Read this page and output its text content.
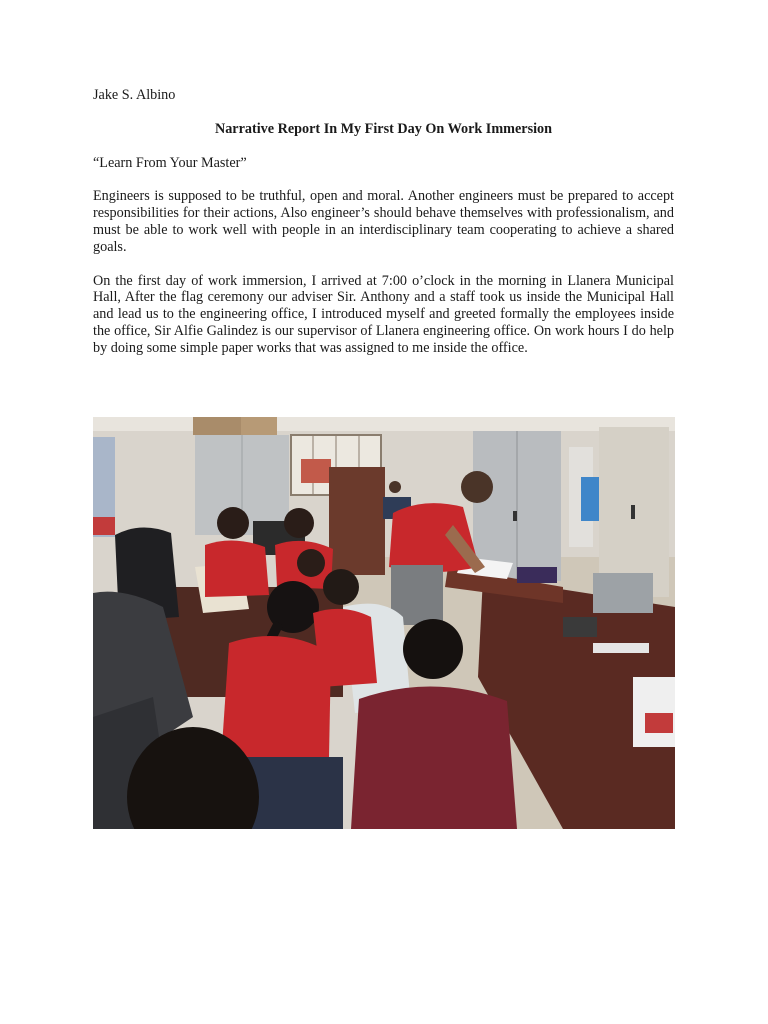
Jake S. Albino

Narrative Report In My First Day On Work Immersion

“Learn From Your Master”

Engineers is supposed to be truthful, open and moral. Another engineers must be prepared to accept responsibilities for their actions, Also engineer’s should behave themselves with professionalism, and must be able to work well with people in an interdisciplinary team cooperating to achieve a shared goals.

On the first day of work immersion, I arrived at 7:00 o’clock in the morning in Llanera Municipal Hall, After the flag ceremony our adviser Sir. Anthony and a staff took us inside the Municipal Hall and lead us to the engineering office, I introduced myself and greeted formally the employees inside the office, Sir Alfie Galindez is our supervisor of Llanera engineering office. On work hours I do help by doing some simple paper works that was assigned to me inside the office.
